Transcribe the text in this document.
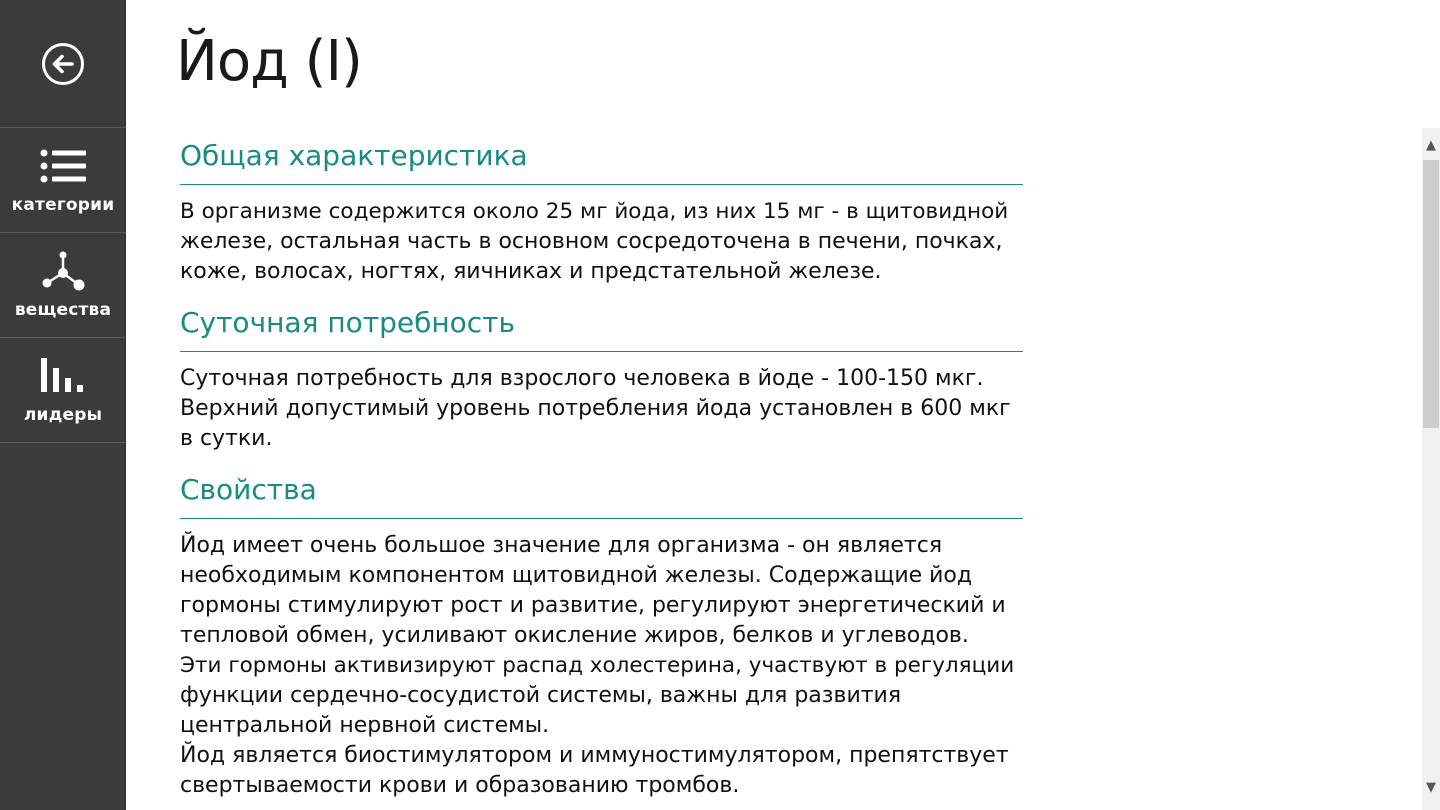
категории
вещества
лидеры
Йод (I)
Общая характеристика

В организме содержится около 25 мг йода, из них 15 мг - в щитовидной

железе, остальная часть в основном сосредоточена в печени, почках,

коже, волосах, ногтях, яичниках и предстательной железе.

Суточная потребность

Суточная потребность для взрослого человека в йоде - 100-150 мкг.

Верхний допустимый уровень потребления йода установлен в 600 мкг

в сутки.

Свойства

Йод имеет очень большое значение для организма - он является

необходимым компонентом щитовидной железы. Содержащие йод

гормоны стимулируют рост и развитие, регулируют энергетический и

тепловой обмен, усиливают окисление жиров, белков и углеводов.

Эти гормоны активизируют распад холестерина, участвуют в регуляции

функции сердечно-сосудистой системы, важны для развития

центральной нервной системы.

Йод является биостимулятором и иммуностимулятором, препятствует

свертываемости крови и образованию тромбов.

▲
▼
